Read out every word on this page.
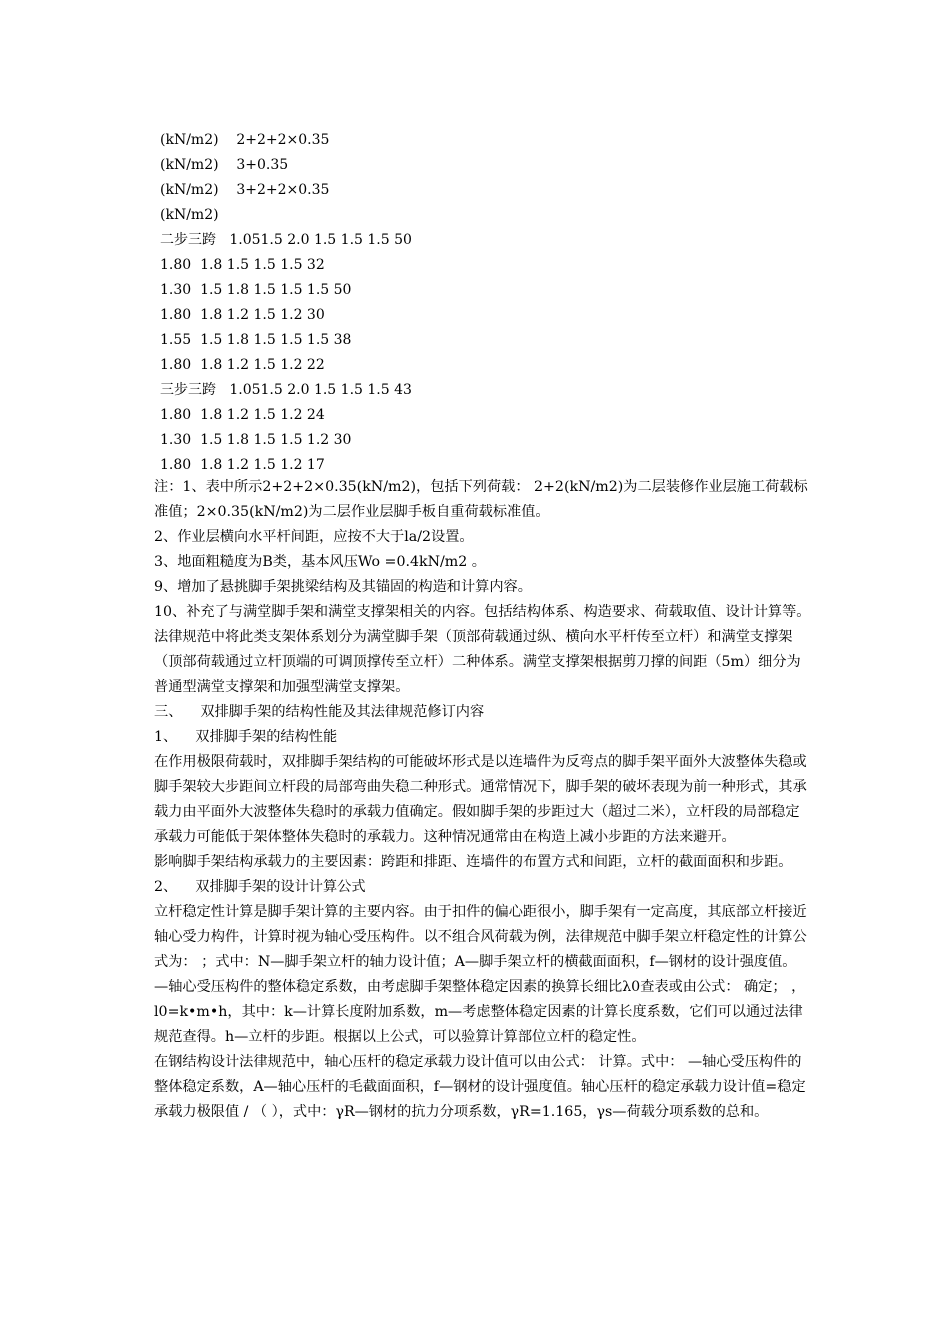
(kN/m2)    2+2+2×0.35
(kN/m2)    3+0.35
(kN/m2)    3+2+2×0.35
(kN/m2)
二步三跨   1.051.5 2.0 1.5 1.5 1.5 50
1.80  1.8 1.5 1.5 1.5 32
1.30  1.5 1.8 1.5 1.5 1.5 50
1.80  1.8 1.2 1.5 1.2 30
1.55  1.5 1.8 1.5 1.5 1.5 38
1.80  1.8 1.2 1.5 1.2 22
三步三跨   1.051.5 2.0 1.5 1.5 1.5 43
1.80  1.8 1.2 1.5 1.2 24
1.30  1.5 1.8 1.5 1.5 1.2 30
1.80  1.8 1.2 1.5 1.2 17

注：1、表中所示2+2+2×0.35(kN/m2)，包括下列荷载： 2+2(kN/m2)为二层装修作业层施工荷载标准值；2×0.35(kN/m2)为二层作业层脚手板自重荷载标准值。

2、作业层横向水平杆间距，应按不大于la/2设置。

3、地面粗糙度为B类，基本风压Wo =0.4kN/m2 。

9、增加了悬挑脚手架挑梁结构及其锚固的构造和计算内容。

10、补充了与满堂脚手架和满堂支撑架相关的内容。包括结构体系、构造要求、荷载取值、设计计算等。法律规范中将此类支架体系划分为满堂脚手架（顶部荷载通过纵、横向水平杆传至立杆）和满堂支撑架（顶部荷载通过立杆顶端的可调顶撑传至立杆）二种体系。满堂支撑架根据剪刀撑的间距（5m）细分为普通型满堂支撑架和加强型满堂支撑架。

三、    双排脚手架的结构性能及其法律规范修订内容

1、    双排脚手架的结构性能

在作用极限荷载时，双排脚手架结构的可能破坏形式是以连墙件为反弯点的脚手架平面外大波整体失稳或脚手架较大步距间立杆段的局部弯曲失稳二种形式。通常情况下，脚手架的破坏表现为前一种形式，其承载力由平面外大波整体失稳时的承载力值确定。假如脚手架的步距过大（超过二米），立杆段的局部稳定承载力可能低于架体整体失稳时的承载力。这种情况通常由在构造上减小步距的方法来避开。

影响脚手架结构承载力的主要因素：跨距和排距、连墙件的布置方式和间距，立杆的截面面积和步距。

2、    双排脚手架的设计计算公式

立杆稳定性计算是脚手架计算的主要内容。由于扣件的偏心距很小，脚手架有一定高度，其底部立杆接近轴心受力构件，计算时视为轴心受压构件。以不组合风荷载为例，法律规范中脚手架立杆稳定性的计算公式为： ；式中：N—脚手架立杆的轴力设计值；A—脚手架立杆的横截面面积，f—钢材的设计强度值。 —轴心受压构件的整体稳定系数，由考虑脚手架整体稳定因素的换算长细比λ0查表或由公式： 确定； ，l0=k•m•h，其中：k—计算长度附加系数，m—考虑整体稳定因素的计算长度系数，它们可以通过法律规范查得。h—立杆的步距。根据以上公式，可以验算计算部位立杆的稳定性。

在钢结构设计法律规范中，轴心压杆的稳定承载力设计值可以由公式： 计算。式中： —轴心受压构件的整体稳定系数，A—轴心压杆的毛截面面积，f—钢材的设计强度值。轴心压杆的稳定承载力设计值=稳定承载力极限值 / （ ），式中：γR—钢材的抗力分项系数，γR=1.165，γs—荷载分项系数的总和。
